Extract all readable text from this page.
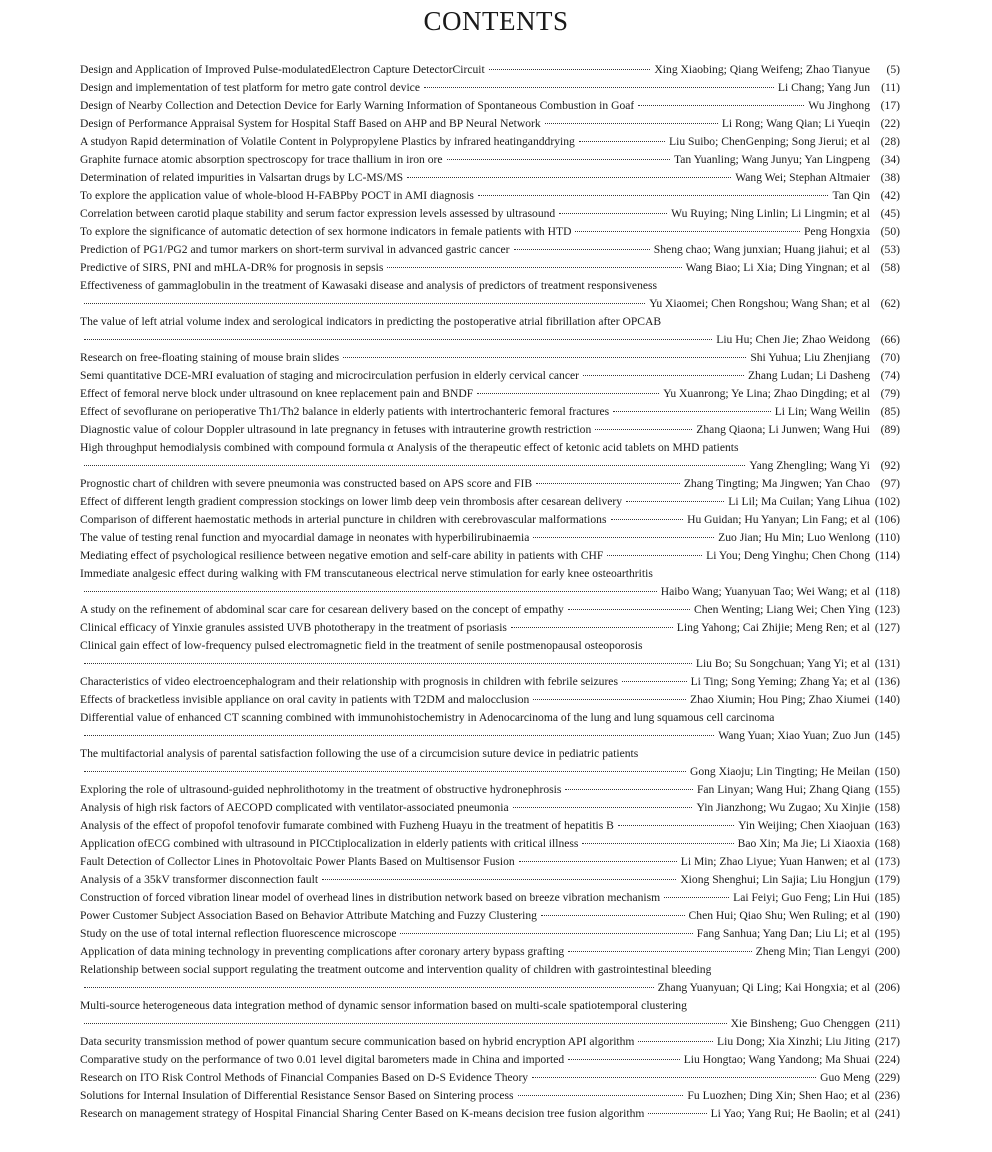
CONTENTS
Design and Application of Improved Pulse-modulatedElectron Capture DetectorCircuit	Xing Xiaobing; Qiang Weifeng; Zhao Tianyue	( 5 )
Design and implementation of test platform for metro gate control device	Li Chang; Yang Jun	( 11 )
Design of Nearby Collection and Detection Device for Early Warning Information of Spontaneous Combustion in Goaf	Wu Jinghong	( 17 )
Design of Performance Appraisal System for Hospital Staff Based on AHP and BP Neural Network	Li Rong; Wang Qian; Li Yueqin	( 22 )
A studyon Rapid determination of Volatile Content in Polypropylene Plastics by infrared heatinganddrying	Liu Suibo; ChenGenping; Song Jierui; et al	( 28 )
Graphite furnace atomic absorption spectroscopy for trace thallium in iron ore	Tan Yuanling; Wang Junyu; Yan Lingpeng	( 34 )
Determination of related impurities in Valsartan drugs by LC-MS/MS	Wang Wei; Stephan Altmaier	( 38 )
To explore the application value of whole-blood H-FABPby POCT in AMI diagnosis	Tan Qin	( 42 )
Correlation between carotid plaque stability and serum factor expression levels assessed by ultrasound	Wu Ruying; Ning Linlin; Li Lingmin; et al	( 45 )
To explore the significance of automatic detection of sex hormone indicators in female patients with HTD	Peng Hongxia	( 50 )
Prediction of PG1/PG2 and tumor markers on short-term survival in advanced gastric cancer	Sheng chao; Wang junxian; Huang jiahui; et al	( 53 )
Predictive of SIRS, PNI and mHLA-DR% for prognosis in sepsis	Wang Biao; Li Xia; Ding Yingnan; et al	( 58 )
Effectiveness of gammaglobulin in the treatment of Kawasaki disease and analysis of predictors of treatment responsiveness
Yu Xiaomei; Chen Rongshou; Wang Shan; et al	( 62 )
The value of left atrial volume index and serological indicators in predicting the postoperative atrial fibrillation after OPCAB
Liu Hu; Chen Jie; Zhao Weidong	( 66 )
Research on free-floating staining of mouse brain slides	Shi Yuhua; Liu Zhenjiang	( 70 )
Semi quantitative DCE-MRI evaluation of staging and microcirculation perfusion in elderly cervical cancer	Zhang Ludan; Li Dasheng	( 74 )
Effect of femoral nerve block under ultrasound on knee replacement pain and BNDF	Yu Xuanrong; Ye Lina; Zhao Dingding; et al	( 79 )
Effect of sevoflurane on perioperative Th1/Th2 balance in elderly patients with intertrochanteric femoral fractures	Li Lin; Wang Weilin	( 85 )
Diagnostic value of colour Doppler ultrasound in late pregnancy in fetuses with intrauterine growth restriction	Zhang Qiaona; Li Junwen; Wang Hui	( 89 )
High throughput hemodialysis combined with compound formula α Analysis of the therapeutic effect of ketonic acid tablets on MHD patients
Yang Zhengling; Wang Yi	( 92 )
Prognostic chart of children with severe pneumonia was constructed based on APS score and FIB	Zhang Tingting; Ma Jingwen; Yan Chao	( 97 )
Effect of different length gradient compression stockings on lower limb deep vein thrombosis after cesarean delivery	Li Lil; Ma Cuilan; Yang Lihua ( 102 )
Comparison of different haemostatic methods in arterial puncture in children with cerebrovascular malformations	Hu Guidan; Hu Yanyan; Lin Fang; et al ( 106 )
The value of testing renal function and myocardial damage in neonates with hyperbilirubinaemia	Zuo Jian; Hu Min; Luo Wenlong ( 110 )
Mediating effect of psychological resilience between negative emotion and self-care ability in patients with CHF	Li You; Deng Yinghu; Chen Chong ( 114 )
Immediate analgesic effect during walking with FM transcutaneous electrical nerve stimulation for early knee osteoarthritis
Haibo Wang; Yuanyuan Tao; Wei Wang; et al ( 118 )
A study on the refinement of abdominal scar care for cesarean delivery based on the concept of empathy	Chen Wenting; Liang Wei; Chen Ying ( 123 )
Clinical efficacy of Yinxie granules assisted UVB phototherapy in the treatment of psoriasis	Ling Yahong; Cai Zhijie; Meng Ren; et al ( 127 )
Clinical gain effect of low-frequency pulsed electromagnetic field in the treatment of senile postmenopausal osteoporosis
Liu Bo; Su Songchuan; Yang Yi; et al ( 131 )
Characteristics of video electroencephalogram and their relationship with prognosis in children with febrile seizures	Li Ting; Song Yeming; Zhang Ya; et al ( 136 )
Effects of bracketless invisible appliance on oral cavity in patients with T2DM and malocclusion	Zhao Xiumin; Hou Ping; Zhao Xiumei ( 140 )
Differential value of enhanced CT scanning combined with immunohistochemistry in Adenocarcinoma of the lung and lung squamous cell carcinoma
Wang Yuan; Xiao Yuan; Zuo Jun ( 145 )
The multifactorial analysis of parental satisfaction following the use of a circumcision suture device in pediatric patients
Gong Xiaoju; Lin Tingting; He Meilan ( 150 )
Exploring the role of ultrasound-guided nephrolithotomy in the treatment of obstructive hydronephrosis	Fan Linyan; Wang Hui; Zhang Qiang ( 155 )
Analysis of high risk factors of AECOPD complicated with ventilator-associated pneumonia	Yin Jianzhong; Wu Zugao; Xu Xinjie ( 158 )
Analysis of the effect of propofol tenofovir fumarate combined with Fuzheng Huayu in the treatment of hepatitis B	Yin Weijing; Chen Xiaojuan ( 163 )
Application ofECG combined with ultrasound in PICCtiplocalization in elderly patients with critical illness	Bao Xin; Ma Jie; Li Xiaoxia ( 168 )
Fault Detection of Collector Lines in Photovoltaic Power Plants Based on Multisensor Fusion	Li Min; Zhao Liyue; Yuan Hanwen; et al ( 173 )
Analysis of a 35kV transformer disconnection fault	Xiong Shenghui; Lin Sajia; Liu Hongjun ( 179 )
Construction of forced vibration linear model of overhead lines in distribution network based on breeze vibration mechanism	Lai Feiyi; Guo Feng; Lin Hui ( 185 )
Power Customer Subject Association Based on Behavior Attribute Matching and Fuzzy Clustering	Chen Hui; Qiao Shu; Wen Ruling; et al ( 190 )
Study on the use of total internal reflection fluorescence microscope	Fang Sanhua; Yang Dan; Liu Li; et al ( 195 )
Application of data mining technology in preventing complications after coronary artery bypass grafting	Zheng Min; Tian Lengyi ( 200 )
Relationship between social support regulating the treatment outcome and intervention quality of children with gastrointestinal bleeding
Zhang Yuanyuan; Qi Ling; Kai Hongxia; et al ( 206 )
Multi-source heterogeneous data integration method of dynamic sensor information based on multi-scale spatiotemporal clustering
Xie Binsheng; Guo Chenggen ( 211 )
Data security transmission method of power quantum secure communication based on hybrid encryption API algorithm	Liu Dong; Xia Xinzhi; Liu Jiting ( 217 )
Comparative study on the performance of two 0.01 level digital barometers made in China and imported	Liu Hongtao; Wang Yandong; Ma Shuai ( 224 )
Research on ITO Risk Control Methods of Financial Companies Based on D-S Evidence Theory	Guo Meng ( 229 )
Solutions for Internal Insulation of Differential Resistance Sensor Based on Sintering process	Fu Luozhen; Ding Xin; Shen Hao; et al ( 236 )
Research on management strategy of Hospital Financial Sharing Center Based on K-means decision tree fusion algorithm	Li Yao; Yang Rui; He Baolin; et al ( 241 )
